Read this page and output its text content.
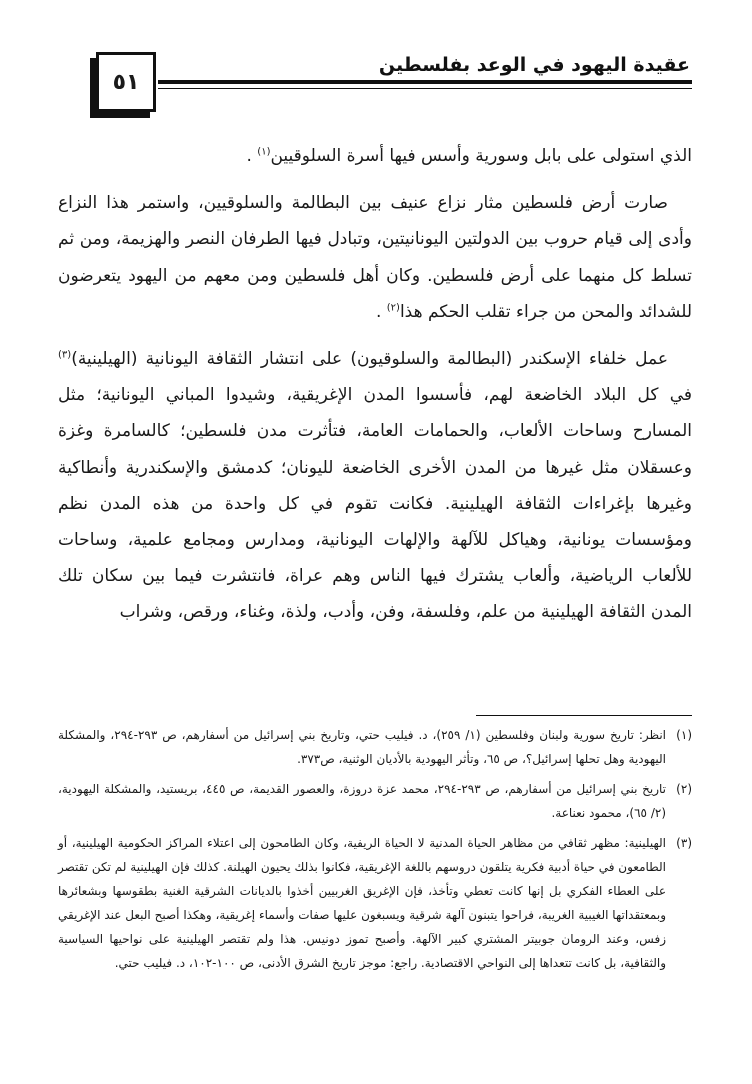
عقيدة اليهود في الوعد بفلسطين
٥١

الذي استولى على بابل وسورية وأسس فيها أسرة السلوقيين$^{(١)}$ .

صارت أرض فلسطين مثار نزاع عنيف بين البطالمة والسلوقيين، واستمر هذا النزاع وأدى إلى قيام حروب بين الدولتين اليونانيتين، وتبادل فيها الطرفان النصر والهزيمة، ومن ثم تسلط كل منهما على أرض فلسطين. وكان أهل فلسطين ومن معهم من اليهود يتعرضون للشدائد والمحن من جراء تقلب الحكم هذا$^{(٢)}$ .

عمل خلفاء الإسكندر (البطالمة والسلوقيون) على انتشار الثقافة اليونانية (الهيلينية)$^{(٣)}$ في كل البلاد الخاضعة لهم، فأسسوا المدن الإغريقية، وشيدوا المباني اليونانية؛ مثل المسارح وساحات الألعاب، والحمامات العامة، فتأثرت مدن فلسطين؛ كالسامرة وغزة وعسقلان مثل غيرها من المدن الأخرى الخاضعة لليونان؛ كدمشق والإسكندرية وأنطاكية وغيرها بإغراءات الثقافة الهيلينية. فكانت تقوم في كل واحدة من هذه المدن نظم ومؤسسات يونانية، وهياكل للآلهة والإلهات اليونانية، ومدارس ومجامع علمية، وساحات للألعاب الرياضية، وألعاب يشترك فيها الناس وهم عراة، فانتشرت فيما بين سكان تلك المدن الثقافة الهيلينية من علم، وفلسفة، وفن، وأدب، ولذة، وغناء، ورقص، وشراب

(١)
انظر: تاريخ سورية ولبنان وفلسطين (١/ ٢٥٩)، د. فيليب حتي، وتاريخ بني إسرائيل من أسفارهم، ص ٢٩٣-٢٩٤، والمشكلة اليهودية وهل تحلها إسرائيل؟، ص ٦٥، وتأثر اليهودية بالأديان الوثنية، ص٣٧٣.
(٢)
تاريخ بني إسرائيل من أسفارهم، ص ٢٩٣-٢٩٤، محمد عزة دروزة، والعصور القديمة، ص ٤٤٥، بريستيد، والمشكلة اليهودية، (٢/ ٦٥)، محمود نعناعة.
(٣)
الهيلينية: مظهر ثقافي من مظاهر الحياة المدنية لا الحياة الريفية، وكان الطامحون إلى اعتلاء المراكز الحكومية الهيلينية، أو الطامعون في حياة أدبية فكرية يتلقون دروسهم باللغة الإغريقية، فكانوا بذلك يحيون الهيلنة. كذلك فإن الهيلينية لم تكن تقتصر على العطاء الفكري بل إنها كانت تعطي وتأخذ، فإن الإغريق الغربيين أخذوا بالديانات الشرقية الغنية بطقوسها وبشعائرها وبمعتقداتها الغيبية الغريبة، فراحوا يتبنون آلهة شرقية ويسبغون عليها صفات وأسماء إغريقية، وهكذا أصبح البعل عند الإغريقي زفس، وعند الرومان جوبيتر المشتري كبير الآلهة. وأصبح تموز دونيس. هذا ولم تقتصر الهيلينية على نواحيها السياسية والثقافية، بل كانت تتعداها إلى النواحي الاقتصادية. راجع: موجز تاريخ الشرق الأدنى، ص ١٠٠-١٠٢، د. فيليب حتي.
